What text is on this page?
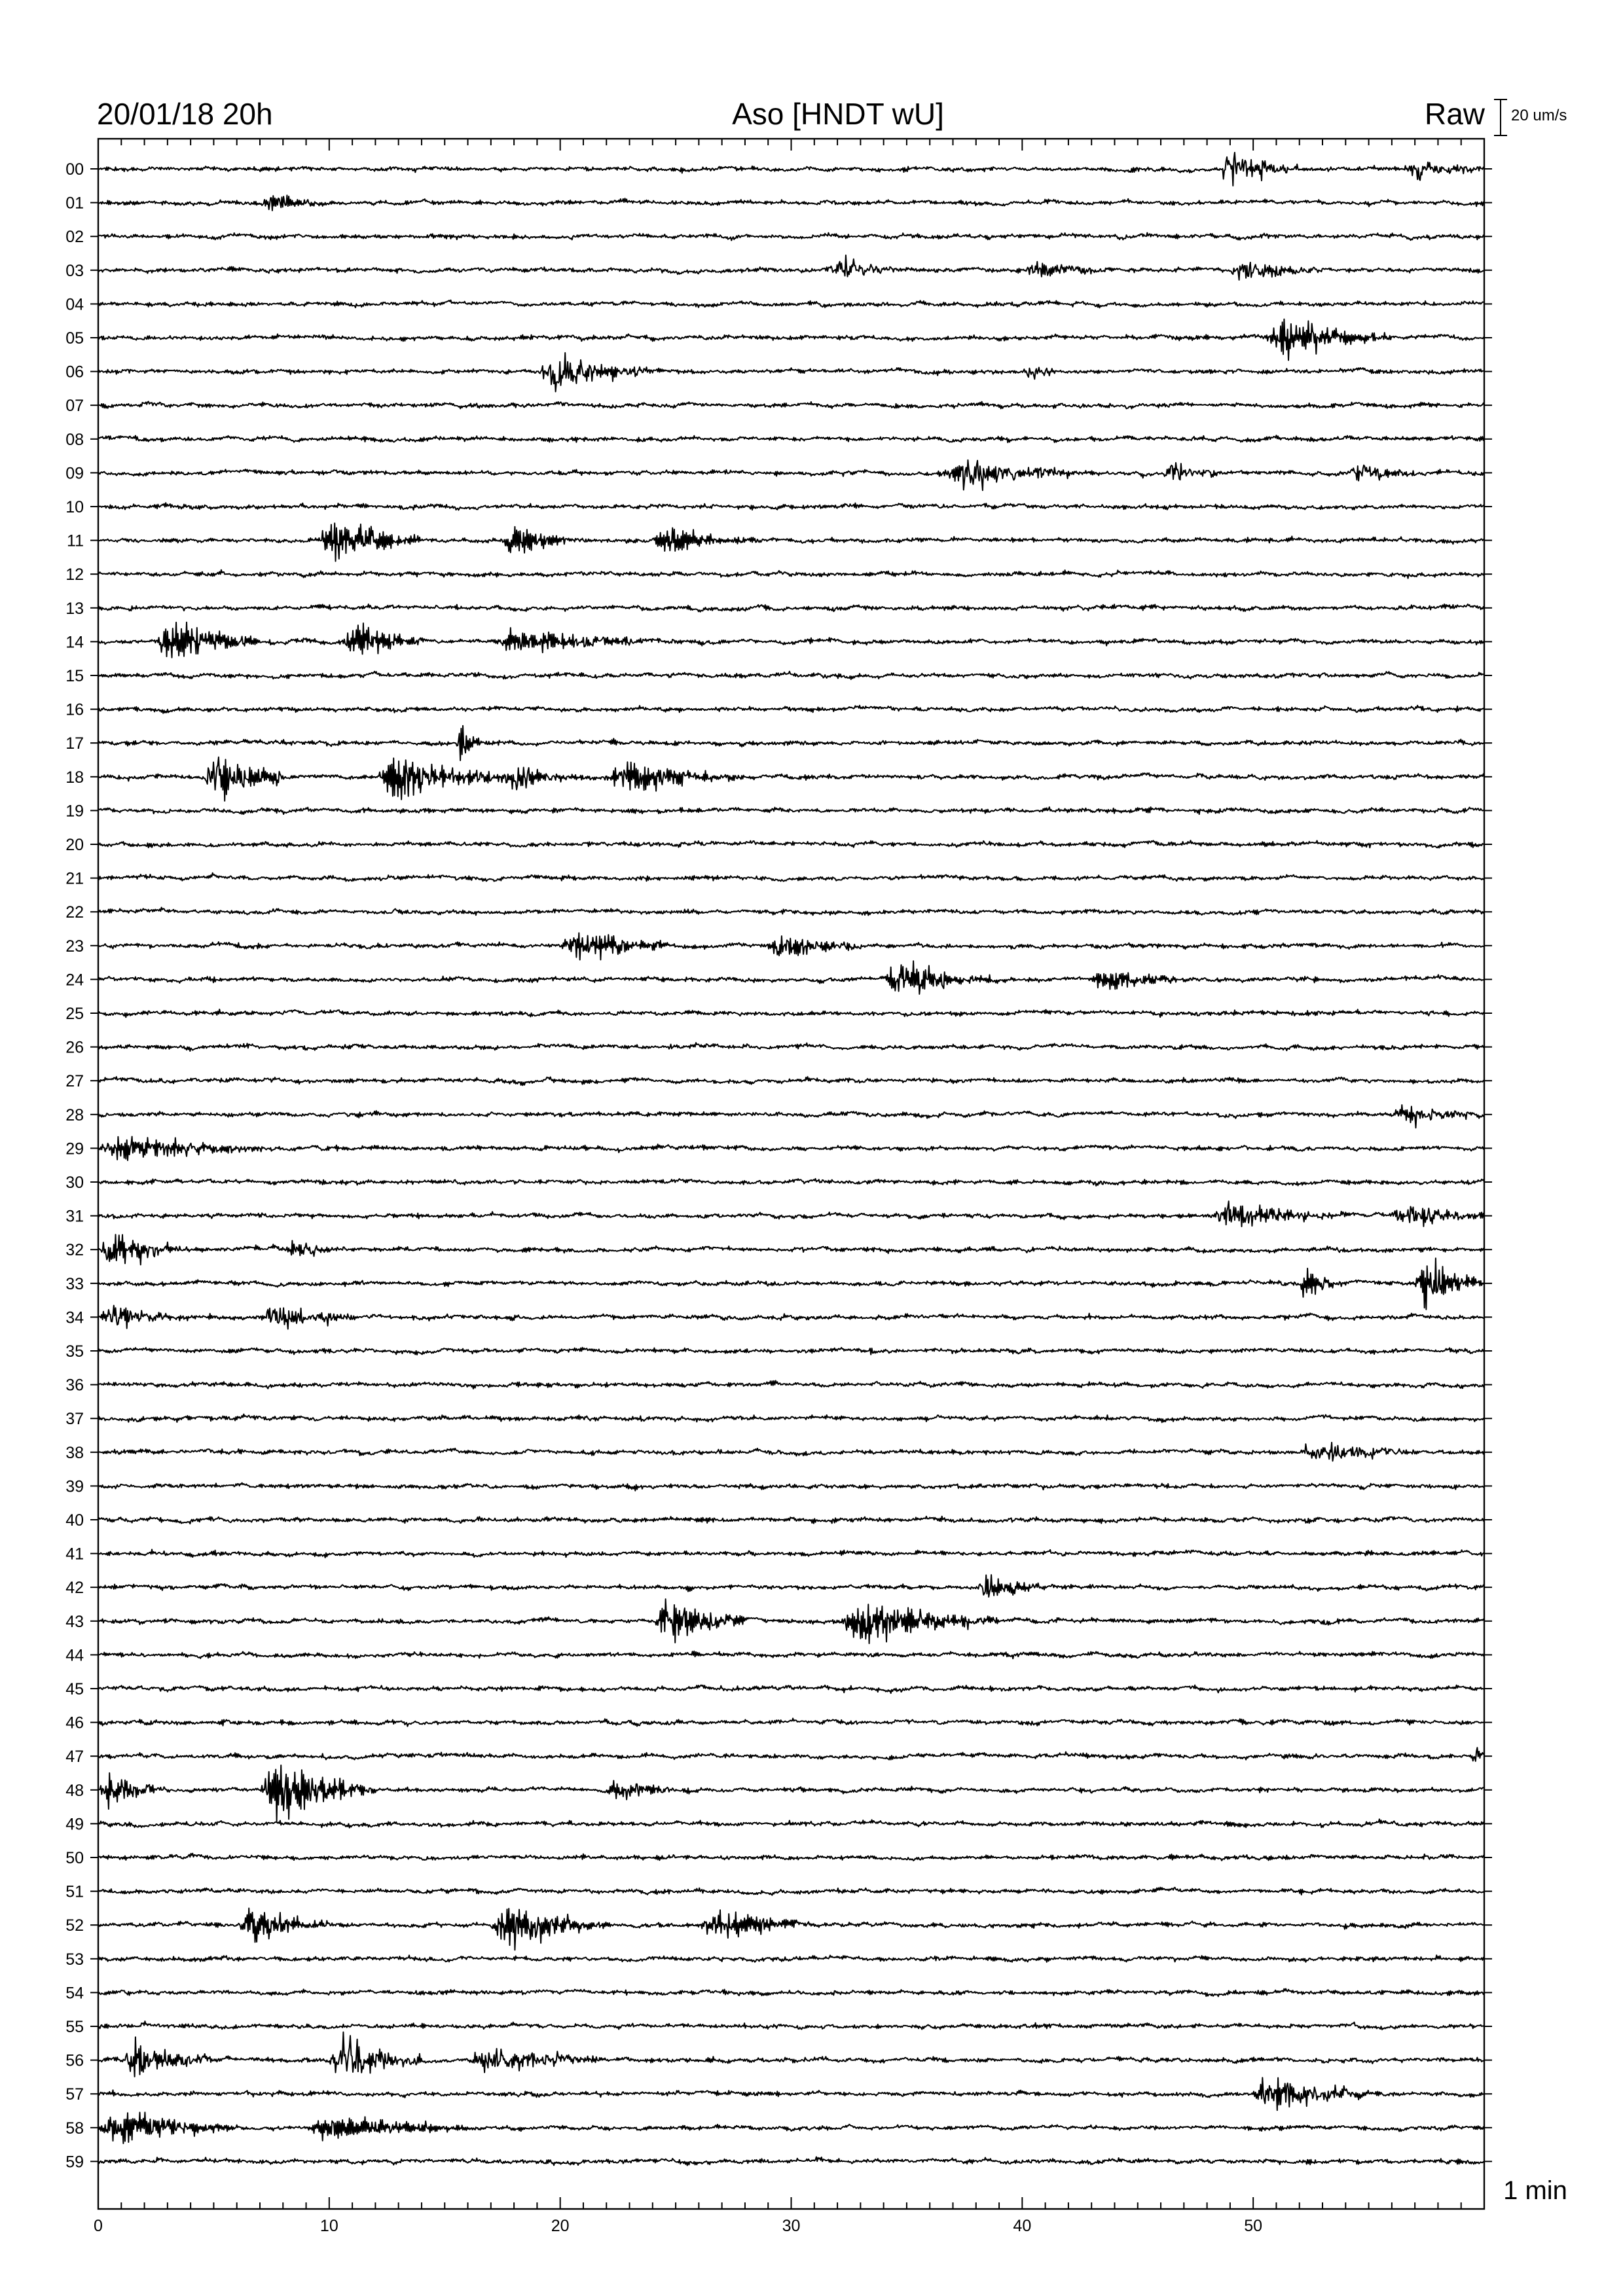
20/01/18 20h	Aso [HNDT wU]	Raw 20 um/s
00
01
02
03
04
05
06
07
08
09
10
11
12
13
14
15
16
17
18
19
20
21
22
23
24
25
26
27
28
29
30
31
32
33
34
35
36
37
38
39
40
41
42
43
44
45
46
47
48
49
50
51
52
53
54
55
56
57
58
59
0	10	20	30	40	50
1 min
